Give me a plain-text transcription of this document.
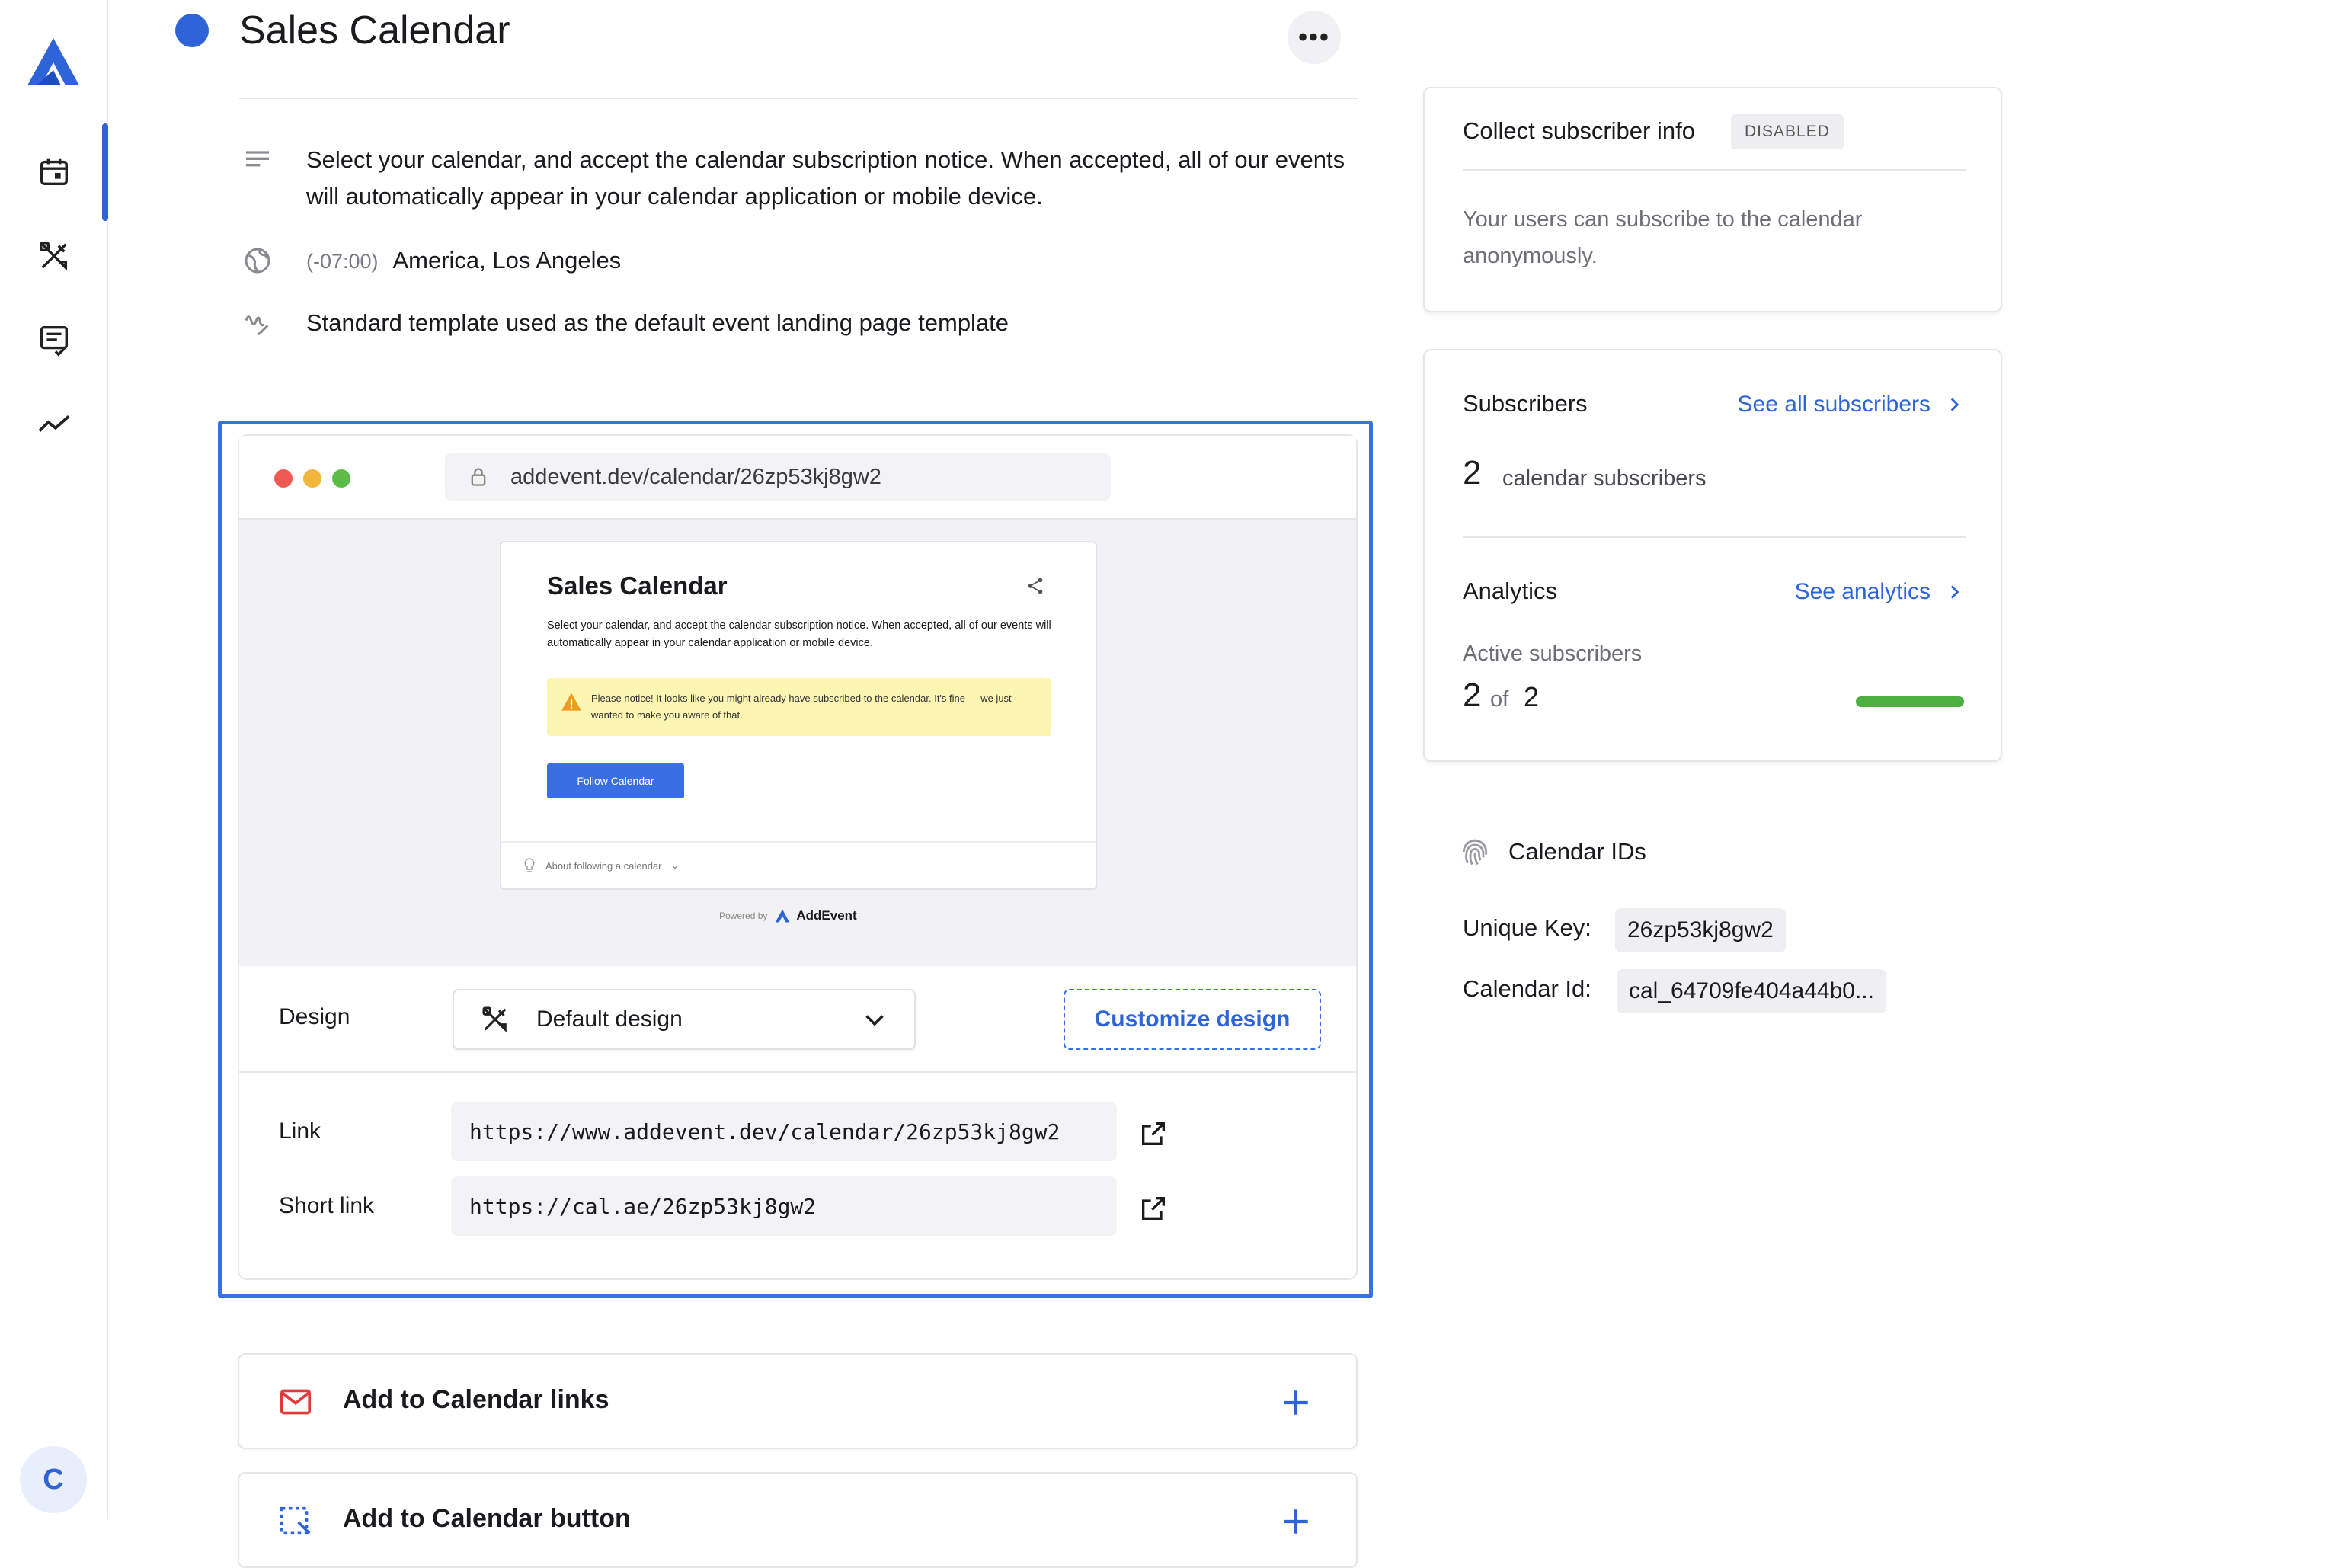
C
Sales Calendar	•••
Select your calendar, and accept the calendar subscription notice. When accepted, all of our events will automatically appear in your calendar application or mobile device.
(-07:00) America, Los Angeles
Standard template used as the default event landing page template
addevent.dev/calendar/26zp53kj8gw2
Sales Calendar
Select your calendar, and accept the calendar subscription notice. When accepted, all of our events will automatically appear in your calendar application or mobile device.
Please notice! It looks like you might already have subscribed to the calendar. It's fine — we just wanted to make you aware of that.
Follow Calendar
About following a calendar ⌄
Powered by AddEvent
Design	Default design	Customize design
Link	https://www.addevent.dev/calendar/26zp53kj8gw2
Short link	https://cal.ae/26zp53kj8gw2
Add to Calendar links
Add to Calendar button
Collect subscriber info	DISABLED
Your users can subscribe to the calendar anonymously.
Subscribers	See all subscribers
2 calendar subscribers
Analytics	See analytics
Active subscribers
2 of 2
Calendar IDs
Unique Key:	26zp53kj8gw2
Calendar Id:	cal_64709fe404a44b0...
